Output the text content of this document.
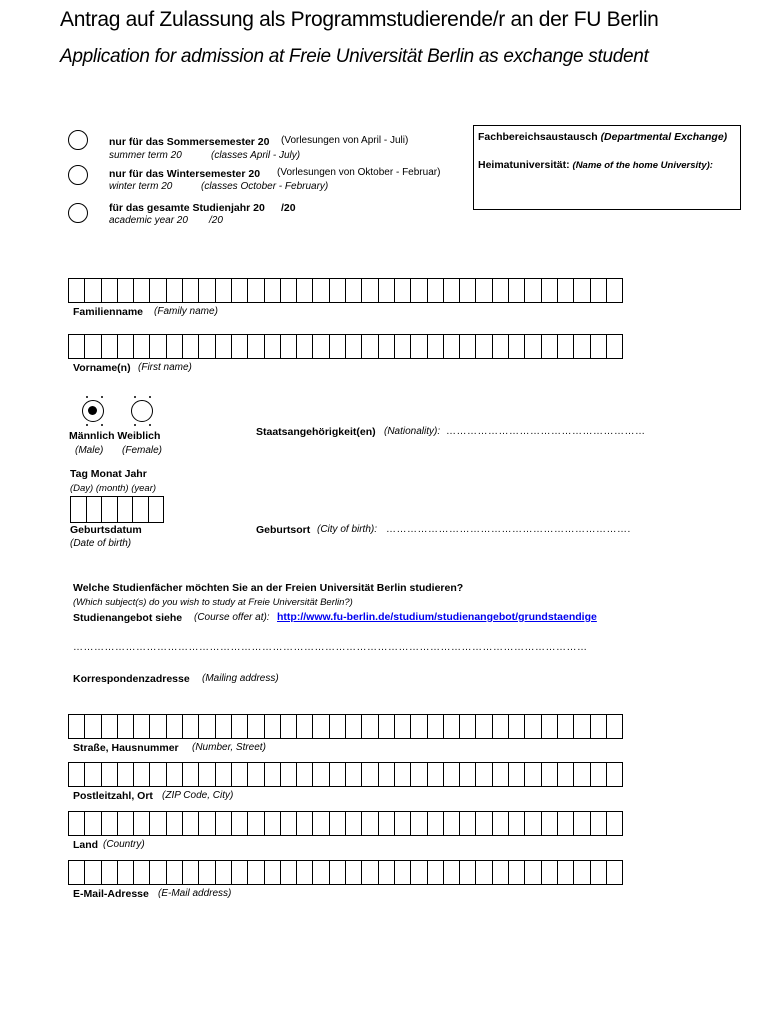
Antrag auf Zulassung als Programmstudierende/r an der FU Berlin
Application for admission at Freie Universität Berlin as exchange student
nur für das Sommersemester 20 (Vorlesungen von April - Juli)
summer term 20	(classes April - July)
nur für das Wintersemester 20 (Vorlesungen von Oktober - Februar)
winter term 20	(classes October - February)
für das gesamte Studienjahr 20 /20
academic year 20 /20
Fachbereichsaustausch (Departmental Exchange)
Heimatuniversität: (Name of the home University):
Familienname (Family name)
Vorname(n) (First name)
Männlich Weiblich
(Male) (Female)
Staatsangehörigkeit(en) (Nationality): …………………………………………………
Tag Monat Jahr
(Day) (month) (year)
Geburtsdatum
(Date of birth)
Geburtsort (City of birth): …………………………………………………………….
Welche Studienfächer möchten Sie an der Freien Universität Berlin studieren?
(Which subject(s) do you wish to study at Freie Universität Berlin?)
Studienangebot siehe (Course offer at): http://www.fu-berlin.de/studium/studienangebot/grundstaendige
…………………………………………………………………………………………………………………………………
Korrespondenzadresse (Mailing address)
Straße, Hausnummer (Number, Street)
Postleitzahl, Ort (ZIP Code, City)
Land (Country)
E-Mail-Adresse (E-Mail address)
